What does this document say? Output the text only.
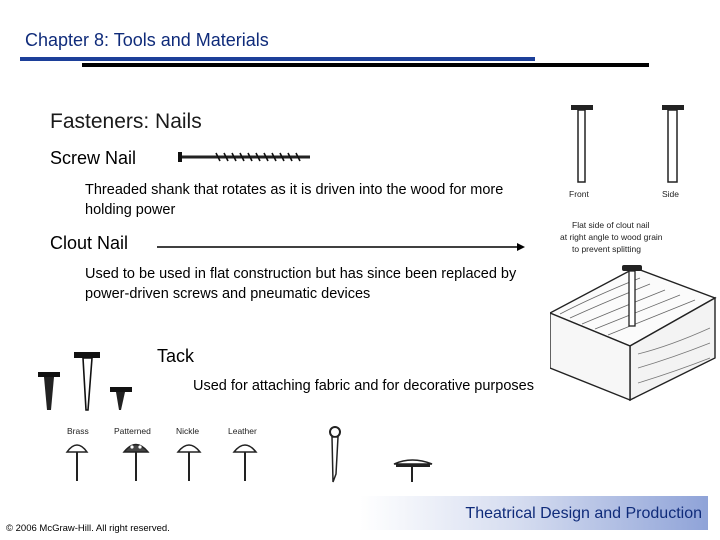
Chapter 8: Tools and Materials
Fasteners: Nails
Screw Nail
Threaded shank that rotates as it is driven into the wood for more holding power
Clout Nail
Used to be used in flat construction but has since been replaced by power-driven screws and pneumatic devices
Tack
Used for attaching fabric and for decorative purposes
Front	Side
Flat side of clout nail
at right angle to wood grain
to prevent splitting
Brass	Patterned	Nickle	Leather
Theatrical Design and Production
© 2006 McGraw-Hill. All right reserved.
